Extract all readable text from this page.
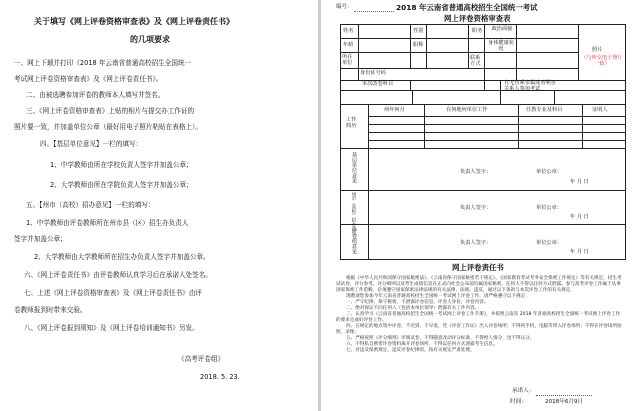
关于填写《网上评卷资格审查表》及《网上评卷责任书》
的几项要求
一、网上下载并打印《2018 年云南省普通高校招生全国统一
考试网上评卷资格审查表》及《网上评卷责任书》。
二、由被选聘参加评卷的教师本人填写并签名。
三、《网上评卷资格审查表》上贴的相片与提交办工作证的
照片要一致，并加盖单位公章（最好用电子照片粘贴在表格上）。
四、【基层单位意见】一栏的填写：
1、中学教师由所在学校负责人签字并加盖公章；
2、大学教师由所在学院负责人签字并加盖公章；
五、【州市（高校）招办意见】一栏的填写：
1、中学教师由评卷教师所在州市县（区）招生办负责人
签字并加盖公章；
2、大学教师由大学教师所在招生办负责人签字并加盖公章。
六、《网上评卷责任书》由评卷教师认真学习后在承诺人处签名。
七、上述《网上评卷资格审查表》及《网上评卷责任书》由评
卷教师报到时带来交验。
八、《网上评卷报到须知》及《网上评卷培训通知书》另发。
《高考评卷组》
2018. 5. 23.
编号：	2018 年云南省普通高校招生全国统一考试
网上评卷资格审查表
姓名	性别	职务	政治面貌
年龄	职称	身体健康状况
所在单位
联系方式
照片
（与所交电子照片一致）
身份证号码
本次改卷科目	有无直系亲属或者利害关系人参加考试
工作简历
何年何月	在何地何单位工作	任教专业及科目	证明人
基层单位意见	负责人签字：	单位公章：
年 月 日
州市（高校）招办意见	负责人签字：	单位公章：
年 月 日
评卷组意见	负责人签字：	单位公章：
年 月 日
网上评卷责任书
根据《中华人民共和国保守国家秘密法》、《云南省保守国家秘密若干规定》、《国家教育考试考务安全保密工作规定》等有关规定，招生考试试卷、评分参考、评分细则以及考生成绩信息在正式向社会公布前均属国家秘密，任何人不得以任何方式泄露。参与高考评卷工作属于从事国家保密工作范畴，必须遵守国家保密法律法规的有关法律、法规。违反，通过以下条款与本次评卷工作的有关规定，
现聘请您参加今年云南省普通高校招生全国统一考试网上评卷工作，请严格遵守以下规定：
一、严守纪律，保守秘密，不泄露评卷信息，评卷人身份，评卷内容。
二、绝对保证不向任何人（包括本单位领导）泄露有关工作内容。
三、认真学习《云南省普通高校招生全国统一考试网上评卷工作手册》，并按照云南省 2018 年普通高校招生全国统一考试网上评卷工作的要求完成好评卷工作。
四、在规定的地点集中评卷，不迟到，不早退，凭《评卷工作证》出入评卷场所；不得将手机、电脑等带入评卷场所；不得在评卷场所拍照、录像；
五、严格按照《评分细则》评阅试卷，不得随意改动评分标准，不得给人情分，也不得压分。
六、不得私自携带评卷资料离开评卷场所，不得以任何方式泄露考生信息。
七、对违反保密规定，违反评卷纪律的，按有关规定严肃处理。
承诺人：
时间：	2018年6月9日
